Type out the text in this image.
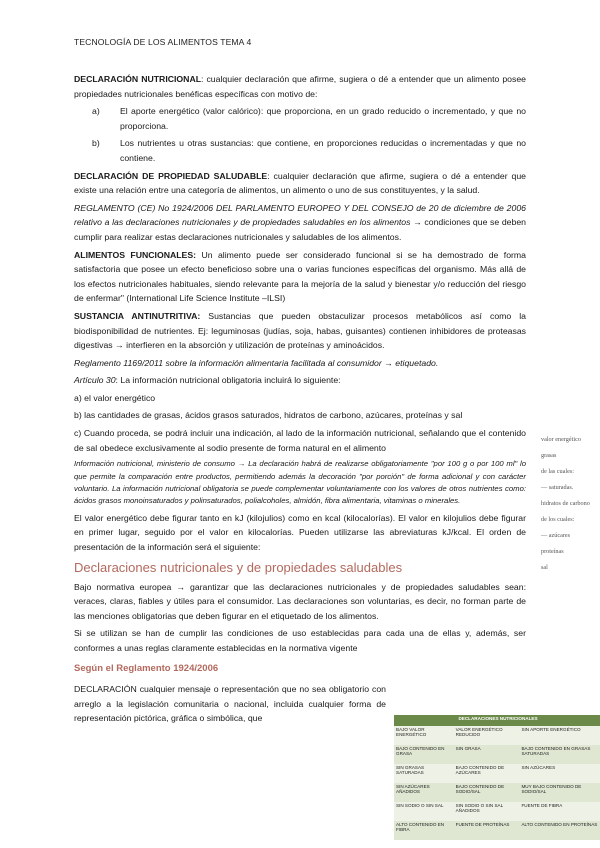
TECNOLOGÍA DE LOS ALIMENTOS TEMA 4

DECLARACIÓN NUTRICIONAL: cualquier declaración que afirme, sugiera o dé a entender que un alimento posee propiedades nutricionales benéficas específicas con motivo de:

a)	El aporte energético (valor calórico): que proporciona, en un grado reducido o incrementado, y que no proporciona.
b)	Los nutrientes u otras sustancias: que contiene, en proporciones reducidas o incrementadas y que no contiene.

DECLARACIÓN DE PROPIEDAD SALUDABLE: cualquier declaración que afirme, sugiera o dé a entender que existe una relación entre una categoría de alimentos, un alimento o uno de sus constituyentes, y la salud.

REGLAMENTO (CE) No 1924/2006 DEL PARLAMENTO EUROPEO Y DEL CONSEJO de 20 de diciembre de 2006 relativo a las declaraciones nutricionales y de propiedades saludables en los alimentos → condiciones que se deben cumplir para realizar estas declaraciones nutricionales y saludables de los alimentos.

ALIMENTOS FUNCIONALES: Un alimento puede ser considerado funcional si se ha demostrado de forma satisfactoria que posee un efecto beneficioso sobre una o varias funciones específicas del organismo. Más allá de los efectos nutricionales habituales, siendo relevante para la mejoría de la salud y bienestar y/o reducción del riesgo de enfermar" (International Life Science Institute –ILSI)

SUSTANCIA ANTINUTRITIVA: Sustancias que pueden obstaculizar procesos metabólicos así como la biodisponibilidad de nutrientes. Ej: leguminosas (judías, soja, habas, guisantes) contienen inhibidores de proteasas digestivas → interfieren en la absorción y utilización de proteínas y aminoácidos.

Reglamento 1169/2011 sobre la información alimentaria facilitada al consumidor → etiquetado.

Artículo 30: La información nutricional obligatoria incluirá lo siguiente:

a) el valor energético

b) las cantidades de grasas, ácidos grasos saturados, hidratos de carbono, azúcares, proteínas y sal

c) Cuando proceda, se podrá incluir una indicación, al lado de la información nutricional, señalando que el contenido de sal obedece exclusivamente al sodio presente de forma natural en el alimento

Información nutricional, ministerio de consumo → La declaración habrá de realizarse obligatoriamente "por 100 g o por 100 ml" lo que permite la comparación entre productos, permitiendo además la decoración "por porción" de forma adicional y con carácter voluntario. La información nutricional obligatoria se puede complementar voluntariamente con los valores de otros nutrientes como: ácidos grasos monoinsaturados y polinsaturados, polialcoholes, almidón, fibra alimentaria, vitaminas o minerales.

El valor energético debe figurar tanto en kJ (kilojulios) como en kcal (kilocalorías). El valor en kilojulios debe figurar en primer lugar, seguido por el valor en kilocalorías. Pueden utilizarse las abreviaturas kJ/kcal. El orden de presentación de la información será el siguiente:

Declaraciones nutricionales y de propiedades saludables

Bajo normativa europea → garantizar que las declaraciones nutricionales y de propiedades saludables sean: veraces, claras, fiables y útiles para el consumidor. Las declaraciones son voluntarias, es decir, no forman parte de las menciones obligatorias que deben figurar en el etiquetado de los alimentos.

Si se utilizan se han de cumplir las condiciones de uso establecidas para cada una de ellas y, además, ser conformes a unas reglas claramente establecidas en la normativa vigente

Según el Reglamento 1924/2006

DECLARACIÓN cualquier mensaje o representación que no sea obligatorio con arreglo a la legislación comunitaria o nacional, incluida cualquier forma de representación pictórica, gráfica o simbólica, que

valor energético
grasas
de las cuales:
— saturadas.
hidratos de carbono
de los cuales:
— azúcares
proteínas
sal
DECLARACIONES NUTRICIONALES		
BAJO VALOR ENERGÉTICO	VALOR ENERGÉTICO REDUCIDO	SIN APORTE ENERGÉTICO
BAJO CONTENIDO EN GRASA	SIN GRASA	BAJO CONTENIDO EN GRASAS SATURADAS
SIN GRASAS SATURADAS	BAJO CONTENIDO DE AZÚCARES	SIN AZÚCARES
SIN AZÚCARES AÑADIDOS	BAJO CONTENIDO DE SODIO/SAL	MUY BAJO CONTENIDO DE SODIO/SAL
SIN SODIO O SIN SAL	SIN SODIO O SIN SAL AÑADIDOS	FUENTE DE FIBRA
ALTO CONTENIDO EN FIBRA	FUENTE DE PROTEÍNAS	ALTO CONTENIDO EN PROTEÍNAS
